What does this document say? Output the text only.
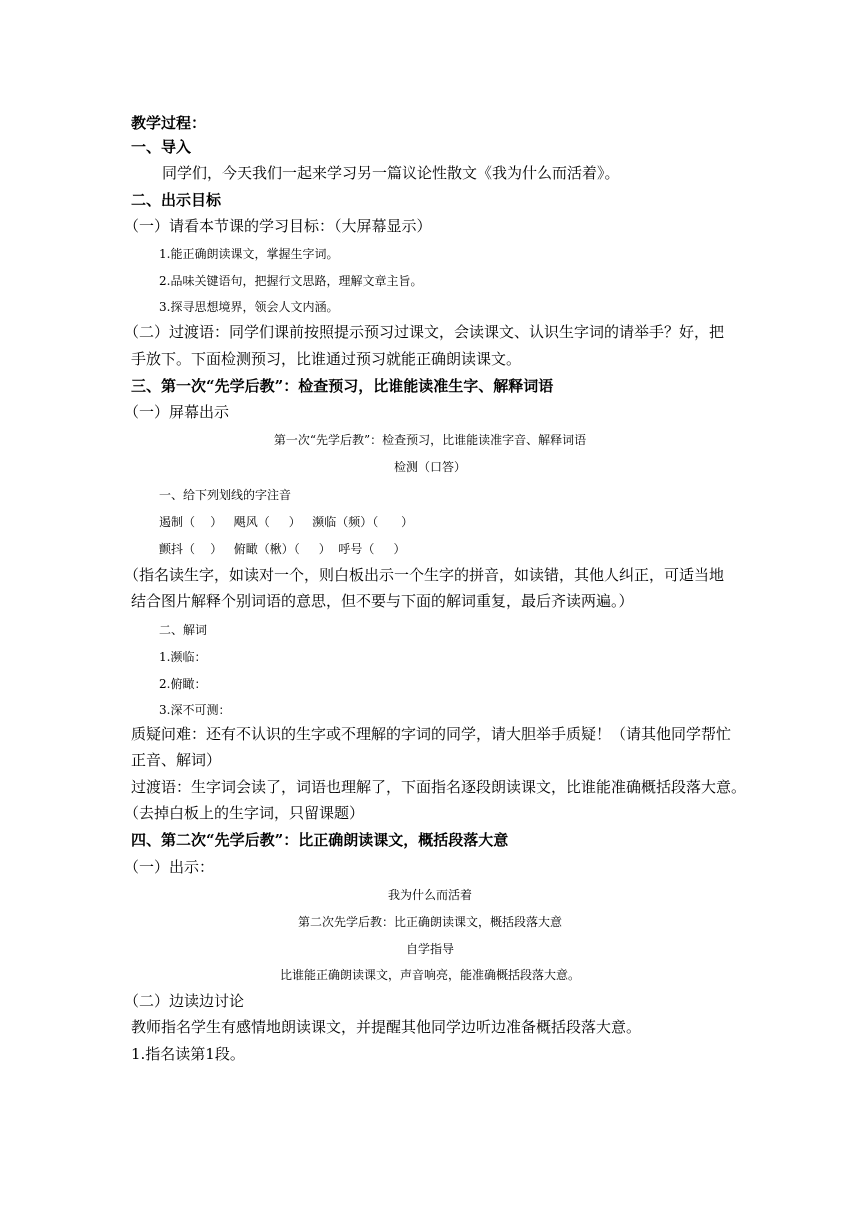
教学过程：
一、导入
同学们，今天我们一起来学习另一篇议论性散文《我为什么而活着》。
二、出示目标
（一）请看本节课的学习目标：（大屏幕显示）
1.能正确朗读课文，掌握生字词。
2.品味关键语句，把握行文思路，理解文章主旨。
3.探寻思想境界，领会人文内涵。
（二）过渡语：同学们课前按照提示预习过课文，会读课文、认识生字词的请举手？好，把
手放下。下面检测预习，比谁通过预习就能正确朗读课文。
三、第一次“先学后教”：检查预习，比谁能读准生字、解释词语
（一）屏幕出示
第一次“先学后教”：检查预习，比谁能读准字音、解释词语
检测（口答）
一、给下列划线的字注音
遏制（    ）   飓风（     ）   濒临（频）（      ）
颤抖（    ）   俯瞰（楸）（     ）  呼号（     ）
（指名读生字，如读对一个，则白板出示一个生字的拼音，如读错，其他人纠正，可适当地
结合图片解释个别词语的意思，但不要与下面的解词重复，最后齐读两遍。）
二、解词
1.濒临：
2.俯瞰：
3.深不可测：
质疑问难：还有不认识的生字或不理解的字词的同学，请大胆举手质疑！（请其他同学帮忙
正音、解词）
过渡语：生字词会读了，词语也理解了，下面指名逐段朗读课文，比谁能准确概括段落大意。
（去掉白板上的生字词，只留课题）
四、第二次“先学后教”：比正确朗读课文，概括段落大意
（一）出示：
我为什么而活着
第二次先学后教：比正确朗读课文，概括段落大意
自学指导
比谁能正确朗读课文，声音响亮，能准确概括段落大意。
（二）边读边讨论
教师指名学生有感情地朗读课文，并提醒其他同学边听边准备概括段落大意。
1.指名读第1段。
